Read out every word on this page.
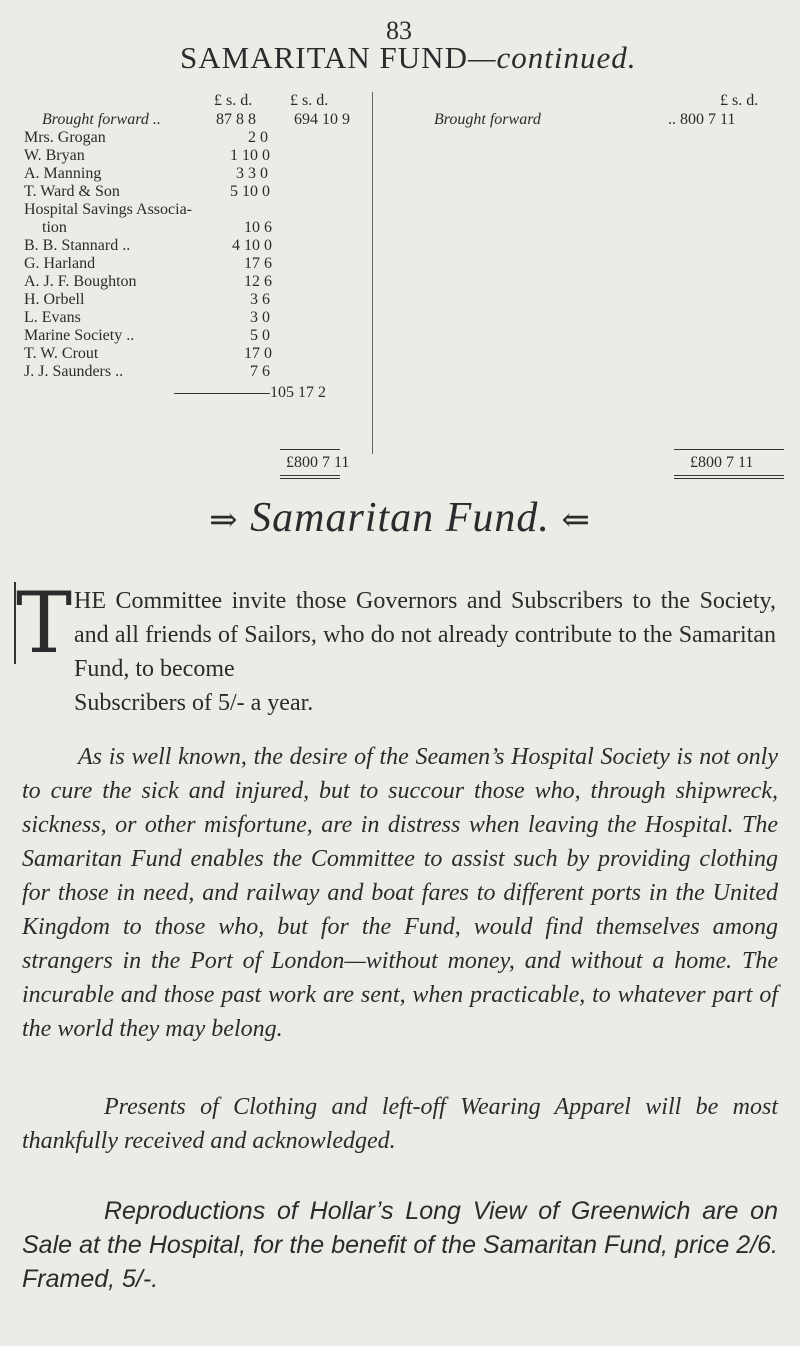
83
SAMARITAN FUND—continued.
£ s. d. £ s. d.	£ s. d.
Brought forward ..	87 8 8 694 10 9
Mrs. Grogan	2 0
W. Bryan	1 10 0
A. Manning	3 3 0
T. Ward & Son	5 10 0
Hospital Savings Associa-
tion	10 6
B. B. Stannard ..	4 10 0
G. Harland	17 6
A. J. F. Boughton	12 6
H. Orbell	3 6
L. Evans	3 0
Marine Society ..	5 0
T. W. Crout	17 0
J. J. Saunders ..	7 6
105 17 2
Brought forward	.. 800 7 11
£800 7 11	£800 7 11
⇒ Samaritan Fund. ⇐
T HE Committee invite those Governors and Subscribers to the Society, and all friends of Sailors, who do not already contribute to the Samaritan Fund, to become
Subscribers of 5/- a year.
As is well known, the desire of the Seamen’s Hospital Society is not only to cure the sick and injured, but to succour those who, through shipwreck, sickness, or other misfortune, are in distress when leaving the Hospital. The Samaritan Fund enables the Committee to assist such by providing clothing for those in need, and railway and boat fares to different ports in the United Kingdom to those who, but for the Fund, would find themselves among strangers in the Port of London—without money, and without a home. The incurable and those past work are sent, when practicable, to whatever part of the world they may belong.
Presents of Clothing and left-off Wearing Apparel will be most thankfully received and acknowledged.
Reproductions of Hollar’s Long View of Greenwich are on Sale at the Hospital, for the benefit of the Samaritan Fund, price 2/6. Framed, 5/-.
